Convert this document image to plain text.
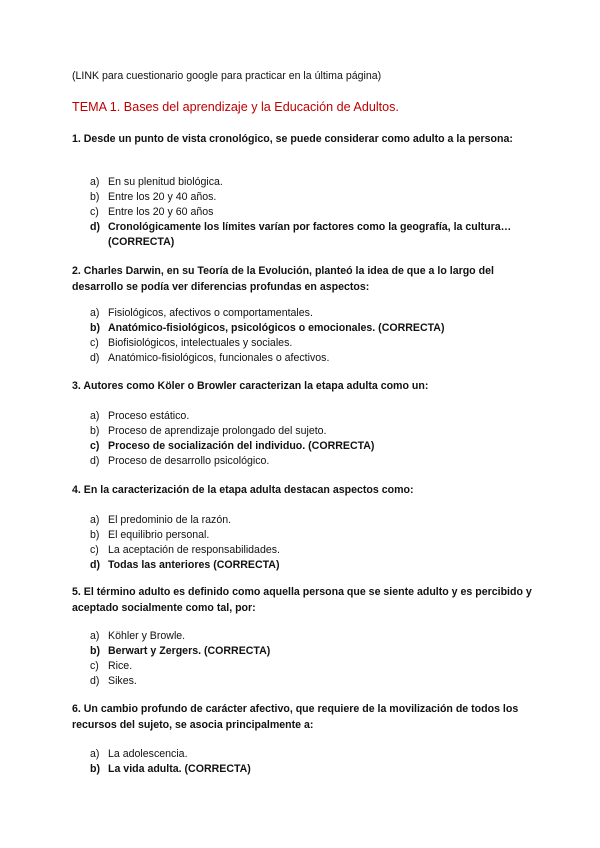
(LINK para cuestionario google para practicar en la última página)
TEMA 1. Bases del aprendizaje y la Educación de Adultos.
1. Desde un punto de vista cronológico, se puede considerar como adulto a la persona:
a) En su plenitud biológica.
b) Entre los 20 y 40 años.
c) Entre los 20 y 60 años
d) Cronológicamente los límites varían por factores como la geografía, la cultura… (CORRECTA)
2. Charles Darwin, en su Teoría de la Evolución, planteó la idea de que a lo largo del desarrollo se podía ver diferencias profundas en aspectos:
a) Fisiológicos, afectivos o comportamentales.
b) Anatómico-fisiológicos, psicológicos o emocionales. (CORRECTA)
c) Biofisiológicos, intelectuales y sociales.
d) Anatómico-fisiológicos, funcionales o afectivos.
3. Autores como Köler o Browler caracterizan la etapa adulta como un:
a) Proceso estático.
b) Proceso de aprendizaje prolongado del sujeto.
c) Proceso de socialización del individuo. (CORRECTA)
d) Proceso de desarrollo psicológico.
4. En la caracterización de la etapa adulta destacan aspectos como:
a) El predominio de la razón.
b) El equilibrio personal.
c) La aceptación de responsabilidades.
d) Todas las anteriores (CORRECTA)
5. El término adulto es definido como aquella persona que se siente adulto y es percibido y aceptado socialmente como tal, por:
a) Köhler y Browle.
b) Berwart y Zergers. (CORRECTA)
c) Rice.
d) Sikes.
6. Un cambio profundo de carácter afectivo, que requiere de la movilización de todos los recursos del sujeto, se asocia principalmente a:
a) La adolescencia.
b) La vida adulta. (CORRECTA)
